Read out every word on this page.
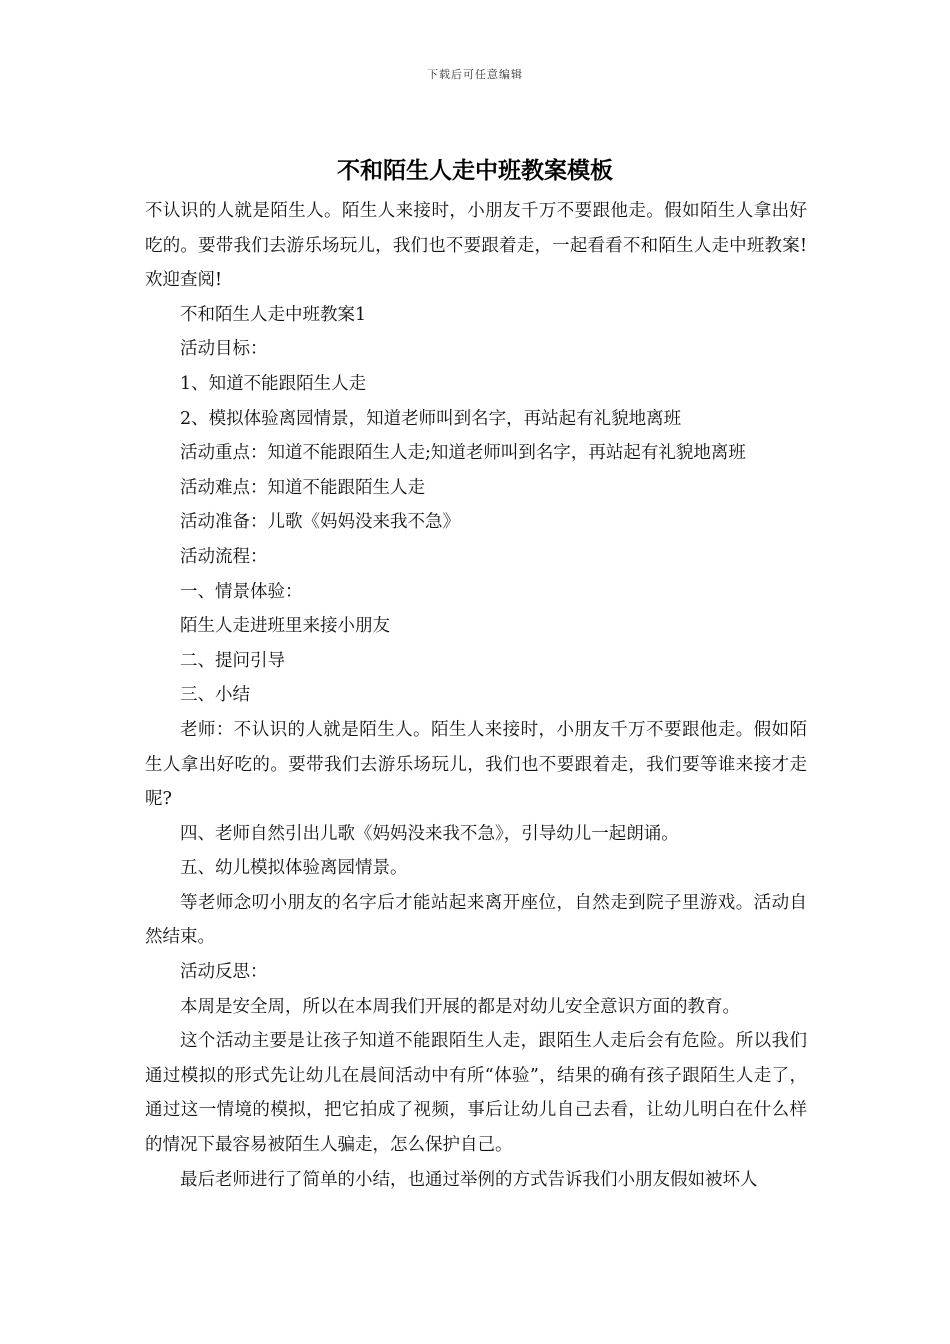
下载后可任意编辑
不和陌生人走中班教案模板

不认识的人就是陌生人。陌生人来接时，小朋友千万不要跟他走。假如陌生人拿出好吃的。要带我们去游乐场玩儿，我们也不要跟着走，一起看看不和陌生人走中班教案!欢迎查阅!

不和陌生人走中班教案1

活动目标：

1、知道不能跟陌生人走

2、模拟体验离园情景，知道老师叫到名字，再站起有礼貌地离班

活动重点：知道不能跟陌生人走;知道老师叫到名字，再站起有礼貌地离班

活动难点：知道不能跟陌生人走

活动准备：儿歌《妈妈没来我不急》

活动流程：

一、情景体验：

陌生人走进班里来接小朋友

二、提问引导

三、小结

老师：不认识的人就是陌生人。陌生人来接时，小朋友千万不要跟他走。假如陌生人拿出好吃的。要带我们去游乐场玩儿，我们也不要跟着走，我们要等谁来接才走呢?

四、老师自然引出儿歌《妈妈没来我不急》，引导幼儿一起朗诵。

五、幼儿模拟体验离园情景。

等老师念叨小朋友的名字后才能站起来离开座位，自然走到院子里游戏。活动自然结束。

活动反思：

本周是安全周，所以在本周我们开展的都是对幼儿安全意识方面的教育。

这个活动主要是让孩子知道不能跟陌生人走，跟陌生人走后会有危险。所以我们通过模拟的形式先让幼儿在晨间活动中有所“体验”，结果的确有孩子跟陌生人走了，通过这一情境的模拟，把它拍成了视频，事后让幼儿自己去看，让幼儿明白在什么样的情况下最容易被陌生人骗走，怎么保护自己。

最后老师进行了简单的小结，也通过举例的方式告诉我们小朋友假如被坏人
